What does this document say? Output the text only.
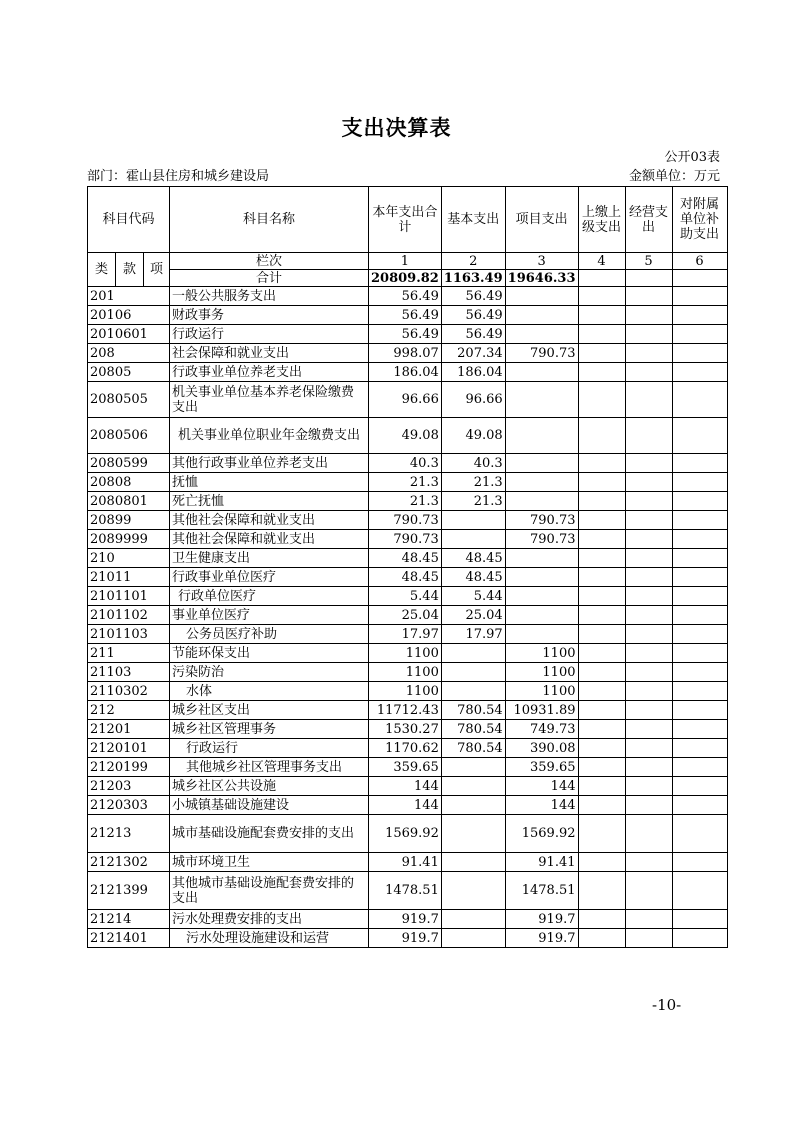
支出决算表
公开03表
部门：霍山县住房和城乡建设局	金额单位：万元
科目代码			科目名称	本年支出合计	基本支出	项目支出	上缴上级支出	经营支出	对附属单位补助支出
类	款	项	栏次	1	2	3	4	5	6
			合计	20809.82	1163.49	19646.33			
201			一般公共服务支出	56.49	56.49				
20106			财政事务	56.49	56.49				
2010601			行政运行	56.49	56.49				
208			社会保障和就业支出	998.07	207.34	790.73			
20805			行政事业单位养老支出	186.04	186.04				
2080505			机关事业单位基本养老保险缴费支出	96.66	96.66				
2080506			机关事业单位职业年金缴费支出	49.08	49.08				
2080599			其他行政事业单位养老支出	40.3	40.3				
20808			抚恤	21.3	21.3				
2080801			死亡抚恤	21.3	21.3				
20899			其他社会保障和就业支出	790.73		790.73			
2089999			其他社会保障和就业支出	790.73		790.73			
210			卫生健康支出	48.45	48.45				
21011			行政事业单位医疗	48.45	48.45				
2101101			行政单位医疗	5.44	5.44				
2101102			事业单位医疗	25.04	25.04				
2101103			公务员医疗补助	17.97	17.97				
211			节能环保支出	1100		1100			
21103			污染防治	1100		1100			
2110302			水体	1100		1100			
212			城乡社区支出	11712.43	780.54	10931.89			
21201			城乡社区管理事务	1530.27	780.54	749.73			
2120101			行政运行	1170.62	780.54	390.08			
2120199			其他城乡社区管理事务支出	359.65		359.65			
21203			城乡社区公共设施	144		144			
2120303			小城镇基础设施建设	144		144			
21213			城市基础设施配套费安排的支出	1569.92		1569.92			
2121302			城市环境卫生	91.41		91.41			
2121399			其他城市基础设施配套费安排的支出	1478.51		1478.51			
21214			污水处理费安排的支出	919.7		919.7			
2121401			污水处理设施建设和运营	919.7		919.7			
-10-
